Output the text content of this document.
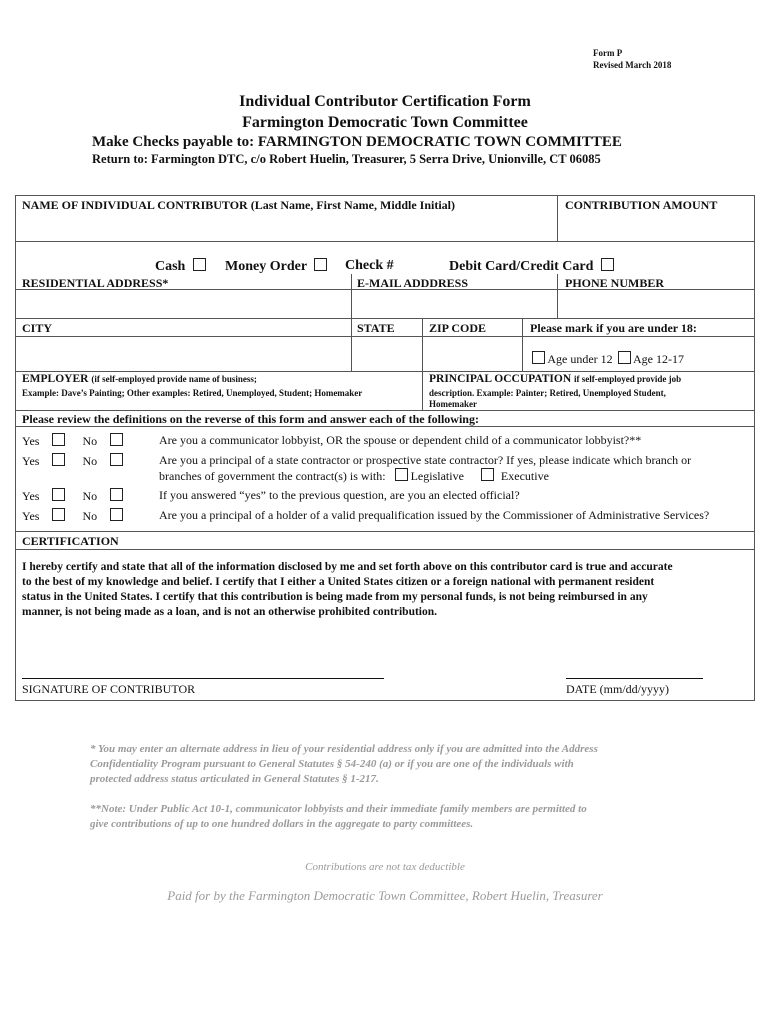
Form P
Revised March 2018
Individual Contributor Certification Form
Farmington Democratic Town Committee
Make Checks payable to: FARMINGTON DEMOCRATIC TOWN COMMITTEE
Return to: Farmington DTC, c/o Robert Huelin, Treasurer, 5 Serra Drive, Unionville, CT 06085
NAME OF INDIVIDUAL CONTRIBUTOR (Last Name, First Name, Middle Initial)	CONTRIBUTION AMOUNT
Cash	Money Order	Check #	Debit Card/Credit Card
RESIDENTIAL ADDRESS*	E-MAIL ADDDRESS	PHONE NUMBER
CITY	STATE	ZIP CODE	Please mark if you are under 18:
Age under 12 Age 12-17
EMPLOYER (if self-employed provide name of business;
Example: Dave’s Painting; Other examples: Retired, Unemployed, Student; Homemaker
PRINCIPAL OCCUPATION if self-employed provide job
description. Example: Painter; Retired, Unemployed Student,
Homemaker
Please review the definitions on the reverse of this form and answer each of the following:
Yes	No	Are you a communicator lobbyist, OR the spouse or dependent child of a communicator lobbyist?**
Yes	No	Are you a principal of a state contractor or prospective state contractor? If yes, please indicate which branch or
branches of government the contract(s) is with: Legislative	Executive
Yes	No	If you answered “yes” to the previous question, are you an elected official?
Yes	No	Are you a principal of a holder of a valid prequalification issued by the Commissioner of Administrative Services?
CERTIFICATION
I hereby certify and state that all of the information disclosed by me and set forth above on this contributor card is true and accurate
to the best of my knowledge and belief. I certify that I either a United States citizen or a foreign national with permanent resident
status in the United States. I certify that this contribution is being made from my personal funds, is not being reimbursed in any
manner, is not being made as a loan, and is not an otherwise prohibited contribution.
SIGNATURE OF CONTRIBUTOR	DATE (mm/dd/yyyy)
* You may enter an alternate address in lieu of your residential address only if you are admitted into the Address
Confidentiality Program pursuant to General Statutes § 54-240 (a) or if you are one of the individuals with
protected address status articulated in General Statutes § 1-217.
**Note: Under Public Act 10-1, communicator lobbyists and their immediate family members are permitted to
give contributions of up to one hundred dollars in the aggregate to party committees.
Contributions are not tax deductible
Paid for by the Farmington Democratic Town Committee, Robert Huelin, Treasurer
